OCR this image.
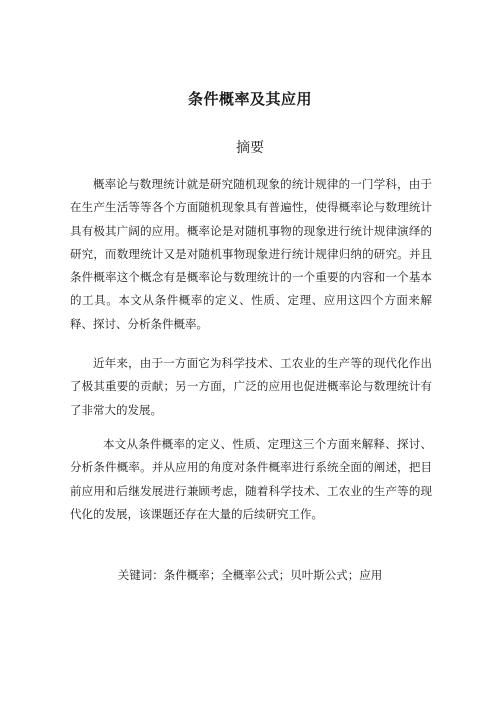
条件概率及其应用
摘要

概率论与数理统计就是研究随机现象的统计规律的一门学科，由于在生产生活等等各个方面随机现象具有普遍性，使得概率论与数理统计具有极其广阔的应用。概率论是对随机事物的现象进行统计规律演绎的研究，而数理统计又是对随机事物现象进行统计规律归纳的研究。并且条件概率这个概念有是概率论与数理统计的一个重要的内容和一个基本的工具。本文从条件概率的定义、性质、定理、应用这四个方面来解释、探讨、分析条件概率。

近年来，由于一方面它为科学技术、工农业的生产等的现代化作出了极其重要的贡献；另一方面，广泛的应用也促进概率论与数理统计有了非常大的发展。

本文从条件概率的定义、性质、定理这三个方面来解释、探讨、分析条件概率。并从应用的角度对条件概率进行系统全面的阐述，把目前应用和后继发展进行兼顾考虑，随着科学技术、工农业的生产等的现代化的发展，该课题还存在大量的后续研究工作。

关键词：条件概率；全概率公式；贝叶斯公式；应用
